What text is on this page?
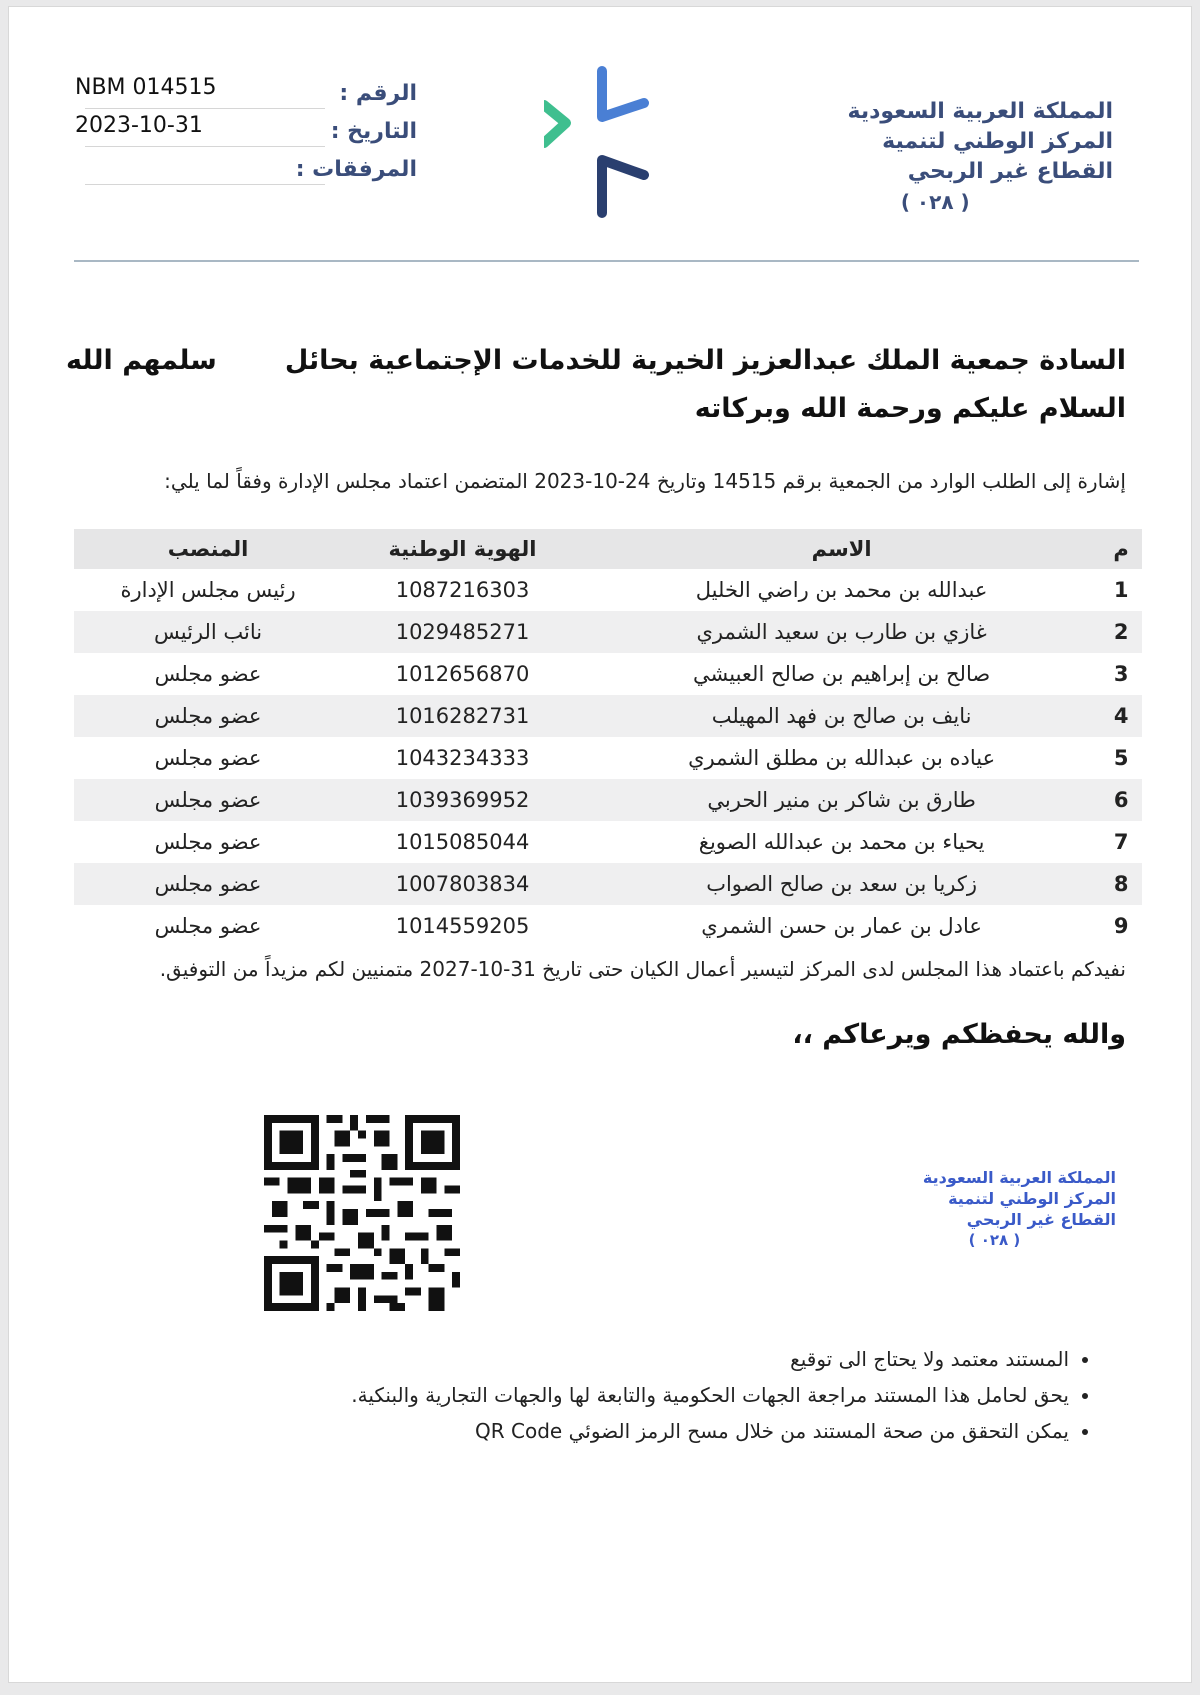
NBM 014515	الرقم :
2023-10-31	التاريخ :
المرفقات :
المملكة العربية السعودية
المركز الوطني لتنمية
القطاع غير الربحي
( ٠٢٨ )
السادة جمعية الملك عبدالعزيز الخيرية للخدمات الإجتماعية بحائل
سلمهم الله
السلام عليكم ورحمة الله وبركاته
إشارة إلى الطلب الوارد من الجمعية برقم 14515 وتاريخ 24-10-2023 المتضمن اعتماد مجلس الإدارة وفقاً لما يلي:
م	الاسم	الهوية الوطنية	المنصب
1	عبدالله بن محمد بن راضي الخليل	1087216303	رئيس مجلس الإدارة
2	غازي بن طارب بن سعيد الشمري	1029485271	نائب الرئيس
3	صالح بن إبراهيم بن صالح العبيشي	1012656870	عضو مجلس
4	نايف بن صالح بن فهد المهيلب	1016282731	عضو مجلس
5	عياده بن عبدالله بن مطلق الشمري	1043234333	عضو مجلس
6	طارق بن شاكر بن منير الحربي	1039369952	عضو مجلس
7	يحياء بن محمد بن عبدالله الصويغ	1015085044	عضو مجلس
8	زكريا بن سعد بن صالح الصواب	1007803834	عضو مجلس
9	عادل بن عمار بن حسن الشمري	1014559205	عضو مجلس
نفيدكم باعتماد هذا المجلس لدى المركز لتيسير أعمال الكيان حتى تاريخ 31-10-2027 متمنيين لكم مزيداً من التوفيق.
والله يحفظكم ويرعاكم ،،
المملكة العربية السعودية
المركز الوطني لتنمية
القطاع غير الربحي
( ٠٢٨ )
• المستند معتمد ولا يحتاج الى توقيع
• يحق لحامل هذا المستند مراجعة الجهات الحكومية والتابعة لها والجهات التجارية والبنكية.
• يمكن التحقق من صحة المستند من خلال مسح الرمز الضوئي QR Code
